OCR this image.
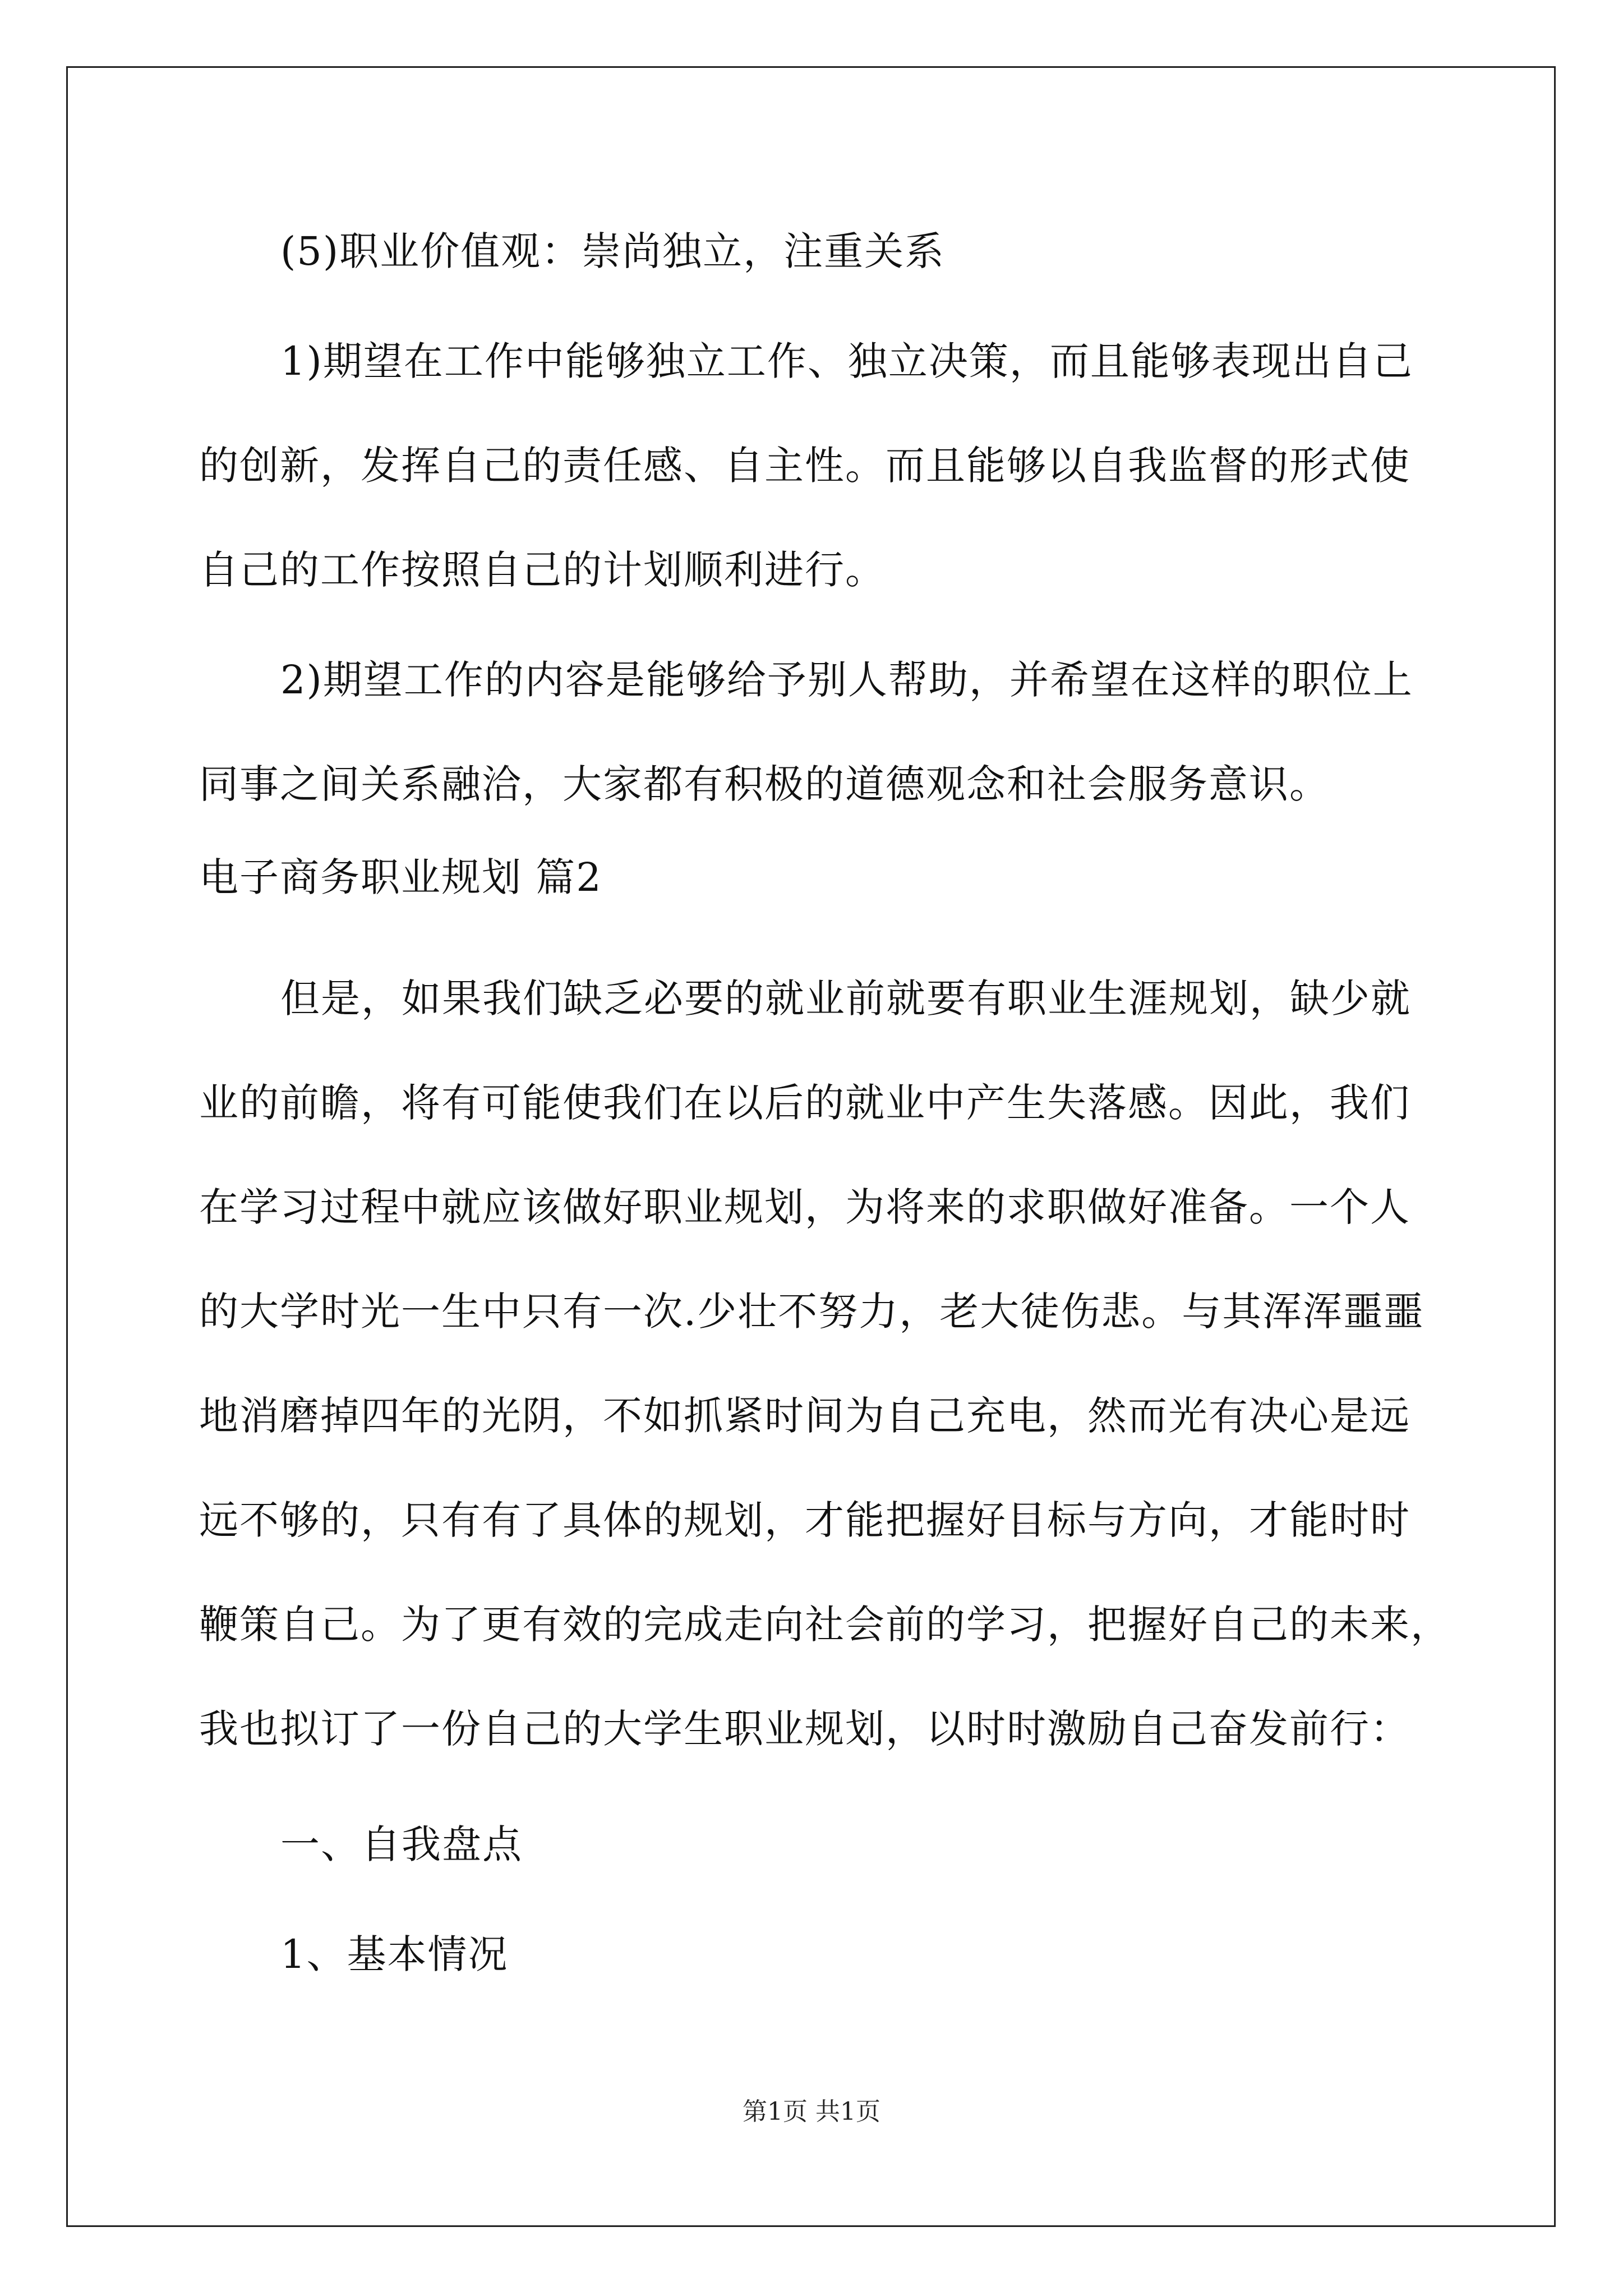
(5)职业价值观：崇尚独立，注重关系
1)期望在工作中能够独立工作、独立决策，而且能够表现出自己
的创新，发挥自己的责任感、自主性。而且能够以自我监督的形式使
自己的工作按照自己的计划顺利进行。
2)期望工作的内容是能够给予别人帮助，并希望在这样的职位上
同事之间关系融洽，大家都有积极的道德观念和社会服务意识。
电子商务职业规划 篇2
但是，如果我们缺乏必要的就业前就要有职业生涯规划，缺少就
业的前瞻，将有可能使我们在以后的就业中产生失落感。因此，我们
在学习过程中就应该做好职业规划，为将来的求职做好准备。一个人
的大学时光一生中只有一次.少壮不努力，老大徒伤悲。与其浑浑噩噩
地消磨掉四年的光阴，不如抓紧时间为自己充电，然而光有决心是远
远不够的，只有有了具体的规划，才能把握好目标与方向，才能时时
鞭策自己。为了更有效的完成走向社会前的学习，把握好自己的未来，
我也拟订了一份自己的大学生职业规划，以时时激励自己奋发前行：
一、自我盘点
1、基本情况
第1页 共1页
